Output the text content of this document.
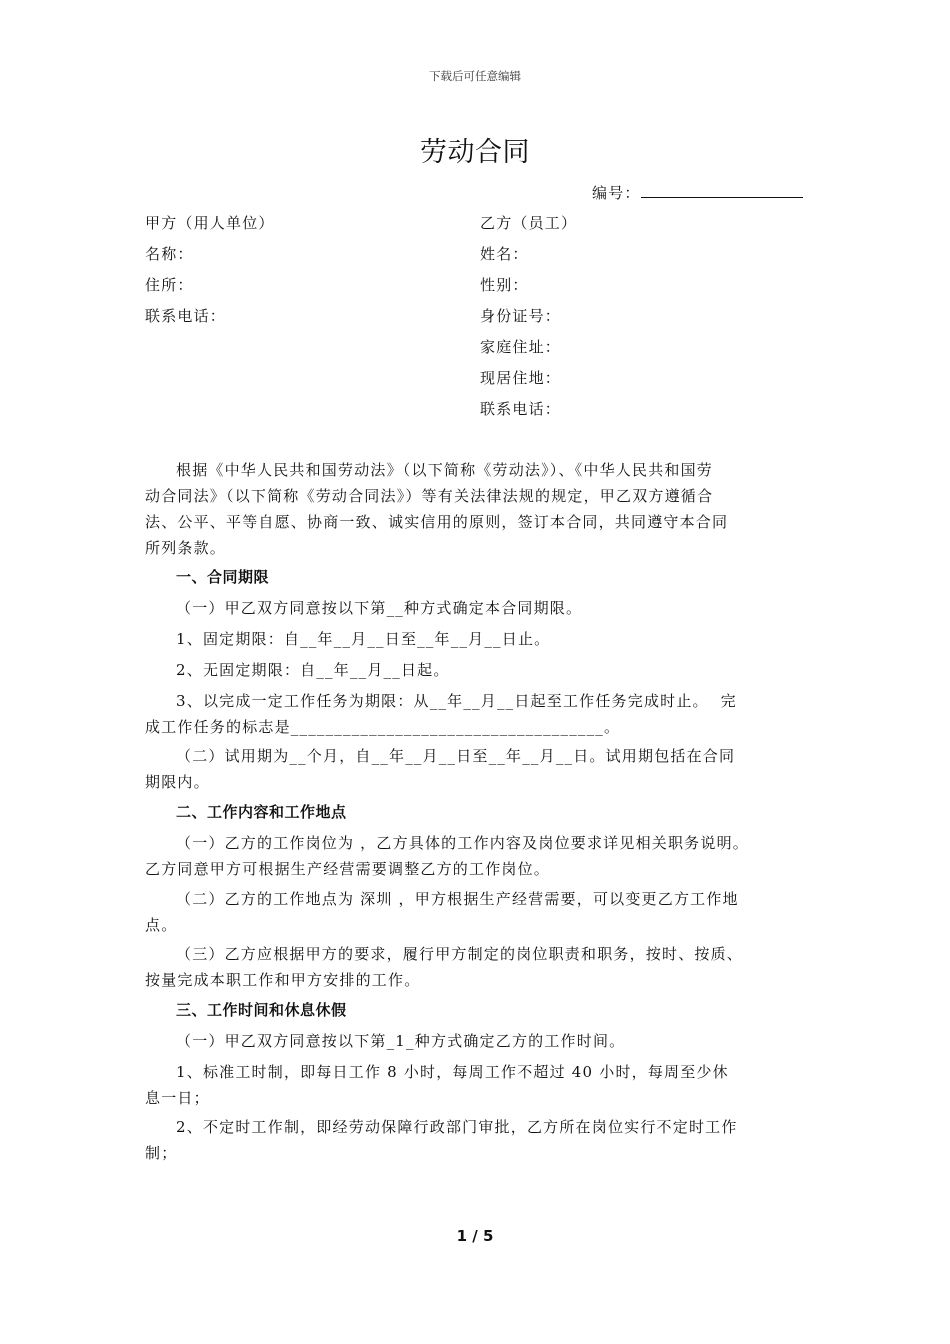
下载后可任意编辑
劳动合同
编号：
甲方（用人单位）
名称：
住所：
联系电话：
乙方（员工）
姓名：
性别：
身份证号：
家庭住址：
现居住地：
联系电话：
根据《中华人民共和国劳动法》（以下简称《劳动法》）、《中华人民共和国劳
动合同法》（以下简称《劳动合同法》）等有关法律法规的规定，甲乙双方遵循合
法、公平、平等自愿、协商一致、诚实信用的原则，签订本合同，共同遵守本合同
所列条款。
一、合同期限
（一）甲乙双方同意按以下第__种方式确定本合同期限。
1、固定期限：自__年__月__日至__年__月__日止。
2、无固定期限：自__年__月__日起。
3、以完成一定工作任务为期限：从__年__月__日起至工作任务完成时止。  完
成工作任务的标志是____________________________________。
（二）试用期为__个月，自__年__月__日至__年__月__日。试用期包括在合同
期限内。
二、工作内容和工作地点
（一）乙方的工作岗位为 ，乙方具体的工作内容及岗位要求详见相关职务说明。
乙方同意甲方可根据生产经营需要调整乙方的工作岗位。
（二）乙方的工作地点为 深圳 ，甲方根据生产经营需要，可以变更乙方工作地
点。
（三）乙方应根据甲方的要求，履行甲方制定的岗位职责和职务，按时、按质、
按量完成本职工作和甲方安排的工作。
三、工作时间和休息休假
（一）甲乙双方同意按以下第_1_种方式确定乙方的工作时间。
1、标准工时制，即每日工作 8 小时，每周工作不超过 40 小时，每周至少休
息一日；
2、不定时工作制，即经劳动保障行政部门审批，乙方所在岗位实行不定时工作
制；
1 / 5
